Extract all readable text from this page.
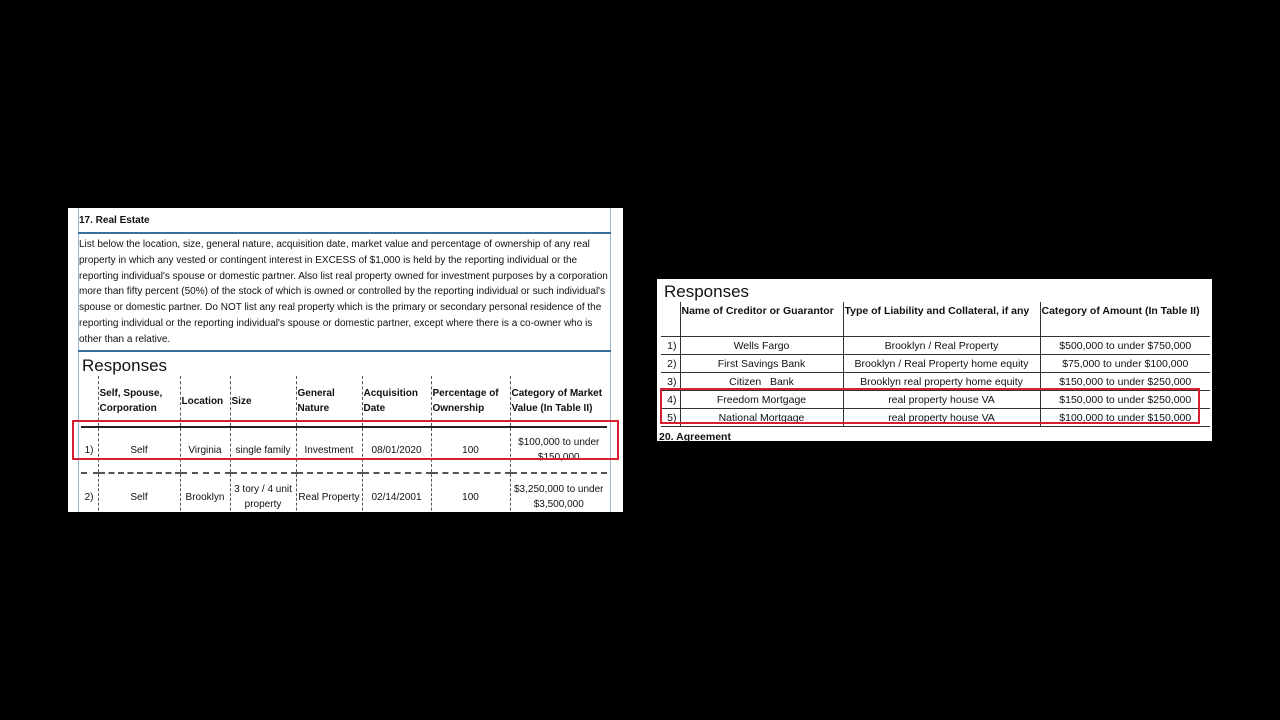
17. Real Estate
List below the location, size, general nature, acquisition date, market value and percentage of ownership of any real property in which any vested or contingent interest in EXCESS of $1,000 is held by the reporting individual or the reporting individual's spouse or domestic partner. Also list real property owned for investment purposes by a corporation more than fifty percent (50%) of the stock of which is owned or controlled by the reporting individual or such individual's spouse or domestic partner. Do NOT list any real property which is the primary or secondary personal residence of the reporting individual or the reporting individual's spouse or domestic partner, except where there is a co-owner who is other than a relative.
Responses
	Self, Spouse, Corporation	Location	Size	General Nature	Acquisition Date	Percentage of Ownership	Category of Market Value (In Table II)
1)	Self	Virginia	single family	Investment	08/01/2020	100	$100,000 to under $150,000
2)	Self	Brooklyn	3 tory / 4 unit property	Real Property	02/14/2001	100	$3,250,000 to under $3,500,000
Responses
	Name of Creditor or Guarantor	Type of Liability and Collateral, if any	Category of Amount (In Table II)
1)	Wells Fargo	Brooklyn / Real Property	$500,000 to under $750,000
2)	First Savings Bank	Brooklyn / Real Property home equity	$75,000 to under $100,000
3)	Citizen   Bank	Brooklyn real property home equity	$150,000 to under $250,000
4)	Freedom Mortgage	real property house VA	$150,000 to under $250,000
5)	National Mortgage	real property house VA	$100,000 to under $150,000
20. Agreement
